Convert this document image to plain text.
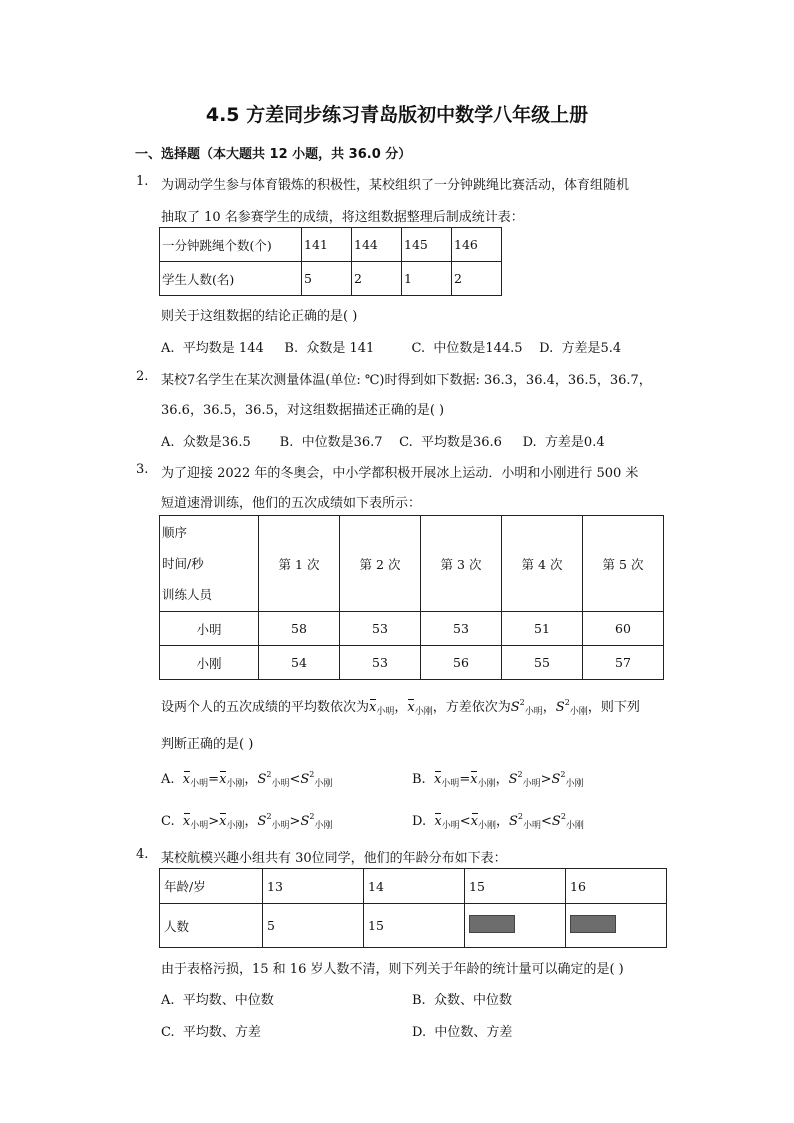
4.5 方差同步练习青岛版初中数学八年级上册
一、选择题（本大题共 12 小题，共 36.0 分）
1. 为调动学生参与体育锻炼的积极性，某校组织了一分钟跳绳比赛活动，体育组随机
抽取了 10 名参赛学生的成绩，将这组数据整理后制成统计表：
一分钟跳绳个数(个)	141	144	145	146
学生人数(名)	5	2	1	2
则关于这组数据的结论正确的是( )
A.  平均数是 144     B.  众数是 141         C.  中位数是144.5    D.  方差是5.4
2. 某校7名学生在某次测量体温(单位: ℃)时得到如下数据: 36.3，36.4，36.5，36.7，
36.6，36.5，36.5，对这组数据描述正确的是( )
A.  众数是36.5       B.  中位数是36.7    C.  平均数是36.6     D.  方差是0.4
3. 为了迎接 2022 年的冬奥会，中小学都积极开展冰上运动．小明和小刚进行 500 米
短道速滑训练，他们的五次成绩如下表所示：
顺序
时间/秒
训练人员	第 1 次	第 2 次	第 3 次	第 4 次	第 5 次
小明	58	53	53	51	60
小刚	54	53	56	55	57
设两个人的五次成绩的平均数依次为$x_{小明}$，$x_{小刚}$，方差依次为$S^2_{小明}$，$S^2_{小刚}$，则下列
判断正确的是( )
A. $x_{小明}=x_{小刚}$，$S^2_{小明}<S^2_{小刚}$	B. $x_{小明}=x_{小刚}$，$S^2_{小明}>S^2_{小刚}$
C. $x_{小明}>x_{小刚}$，$S^2_{小明}>S^2_{小刚}$	D. $x_{小明}<x_{小刚}$，$S^2_{小明}<S^2_{小刚}$
4. 某校航模兴趣小组共有 30位同学，他们的年龄分布如下表：
年龄/岁	13	14	15	16
人数	5	15		
由于表格污损，15 和 16 岁人数不清，则下列关于年龄的统计量可以确定的是( )
A.  平均数、中位数	B.  众数、中位数
C.  平均数、方差	D.  中位数、方差
